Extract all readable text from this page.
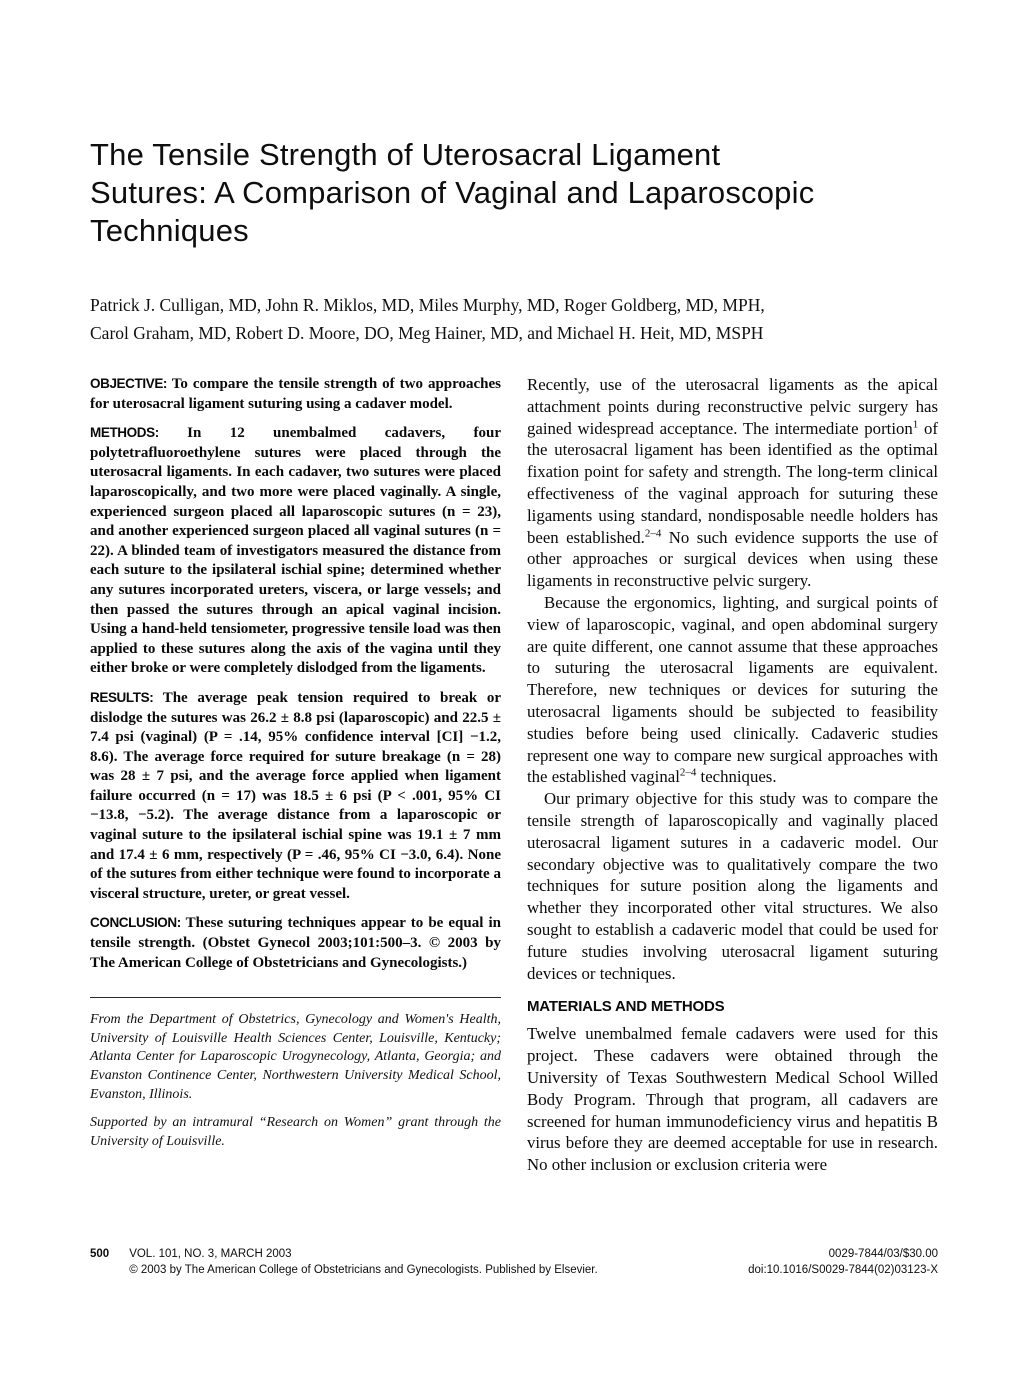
The Tensile Strength of Uterosacral Ligament
Sutures: A Comparison of Vaginal and Laparoscopic
Techniques
Patrick J. Culligan, MD, John R. Miklos, MD, Miles Murphy, MD, Roger Goldberg, MD, MPH,
Carol Graham, MD, Robert D. Moore, DO, Meg Hainer, MD, and Michael H. Heit, MD, MSPH

OBJECTIVE: To compare the tensile strength of two approaches for uterosacral ligament suturing using a cadaver model.

METHODS: In 12 unembalmed cadavers, four polytetrafluoroethylene sutures were placed through the uterosacral ligaments. In each cadaver, two sutures were placed laparoscopically, and two more were placed vaginally. A single, experienced surgeon placed all laparoscopic sutures (n = 23), and another experienced surgeon placed all vaginal sutures (n = 22). A blinded team of investigators measured the distance from each suture to the ipsilateral ischial spine; determined whether any sutures incorporated ureters, viscera, or large vessels; and then passed the sutures through an apical vaginal incision. Using a hand-held tensiometer, progressive tensile load was then applied to these sutures along the axis of the vagina until they either broke or were completely dislodged from the ligaments.

RESULTS: The average peak tension required to break or dislodge the sutures was 26.2 ± 8.8 psi (laparoscopic) and 22.5 ± 7.4 psi (vaginal) (P = .14, 95% confidence interval [CI] −1.2, 8.6). The average force required for suture breakage (n = 28) was 28 ± 7 psi, and the average force applied when ligament failure occurred (n = 17) was 18.5 ± 6 psi (P < .001, 95% CI −13.8, −5.2). The average distance from a laparoscopic or vaginal suture to the ipsilateral ischial spine was 19.1 ± 7 mm and 17.4 ± 6 mm, respectively (P = .46, 95% CI −3.0, 6.4). None of the sutures from either technique were found to incorporate a visceral structure, ureter, or great vessel.

CONCLUSION: These suturing techniques appear to be equal in tensile strength. (Obstet Gynecol 2003;101:500–3. © 2003 by The American College of Obstetricians and Gynecologists.)

From the Department of Obstetrics, Gynecology and Women's Health, University of Louisville Health Sciences Center, Louisville, Kentucky; Atlanta Center for Laparoscopic Urogynecology, Atlanta, Georgia; and Evanston Continence Center, Northwestern University Medical School, Evanston, Illinois.

Supported by an intramural “Research on Women” grant through the University of Louisville.

Recently, use of the uterosacral ligaments as the apical attachment points during reconstructive pelvic surgery has gained widespread acceptance. The intermediate portion$^1$ of the uterosacral ligament has been identified as the optimal fixation point for safety and strength. The long-term clinical effectiveness of the vaginal approach for suturing these ligaments using standard, nondisposable needle holders has been established.$^{2-4}$ No such evidence supports the use of other approaches or surgical devices when using these ligaments in reconstructive pelvic surgery.

Because the ergonomics, lighting, and surgical points of view of laparoscopic, vaginal, and open abdominal surgery are quite different, one cannot assume that these approaches to suturing the uterosacral ligaments are equivalent. Therefore, new techniques or devices for suturing the uterosacral ligaments should be subjected to feasibility studies before being used clinically. Cadaveric studies represent one way to compare new surgical approaches with the established vaginal$^{2-4}$ techniques.

Our primary objective for this study was to compare the tensile strength of laparoscopically and vaginally placed uterosacral ligament sutures in a cadaveric model. Our secondary objective was to qualitatively compare the two techniques for suture position along the ligaments and whether they incorporated other vital structures. We also sought to establish a cadaveric model that could be used for future studies involving uterosacral ligament suturing devices or techniques.

MATERIALS AND METHODS

Twelve unembalmed female cadavers were used for this project. These cadavers were obtained through the University of Texas Southwestern Medical School Willed Body Program. Through that program, all cadavers are screened for human immunodeficiency virus and hepatitis B virus before they are deemed acceptable for use in research. No other inclusion or exclusion criteria were

500 VOL. 101, NO. 3, MARCH 2003
© 2003 by The American College of Obstetricians and Gynecologists. Published by Elsevier.
0029-7844/03/$30.00
doi:10.1016/S0029-7844(02)03123-X
